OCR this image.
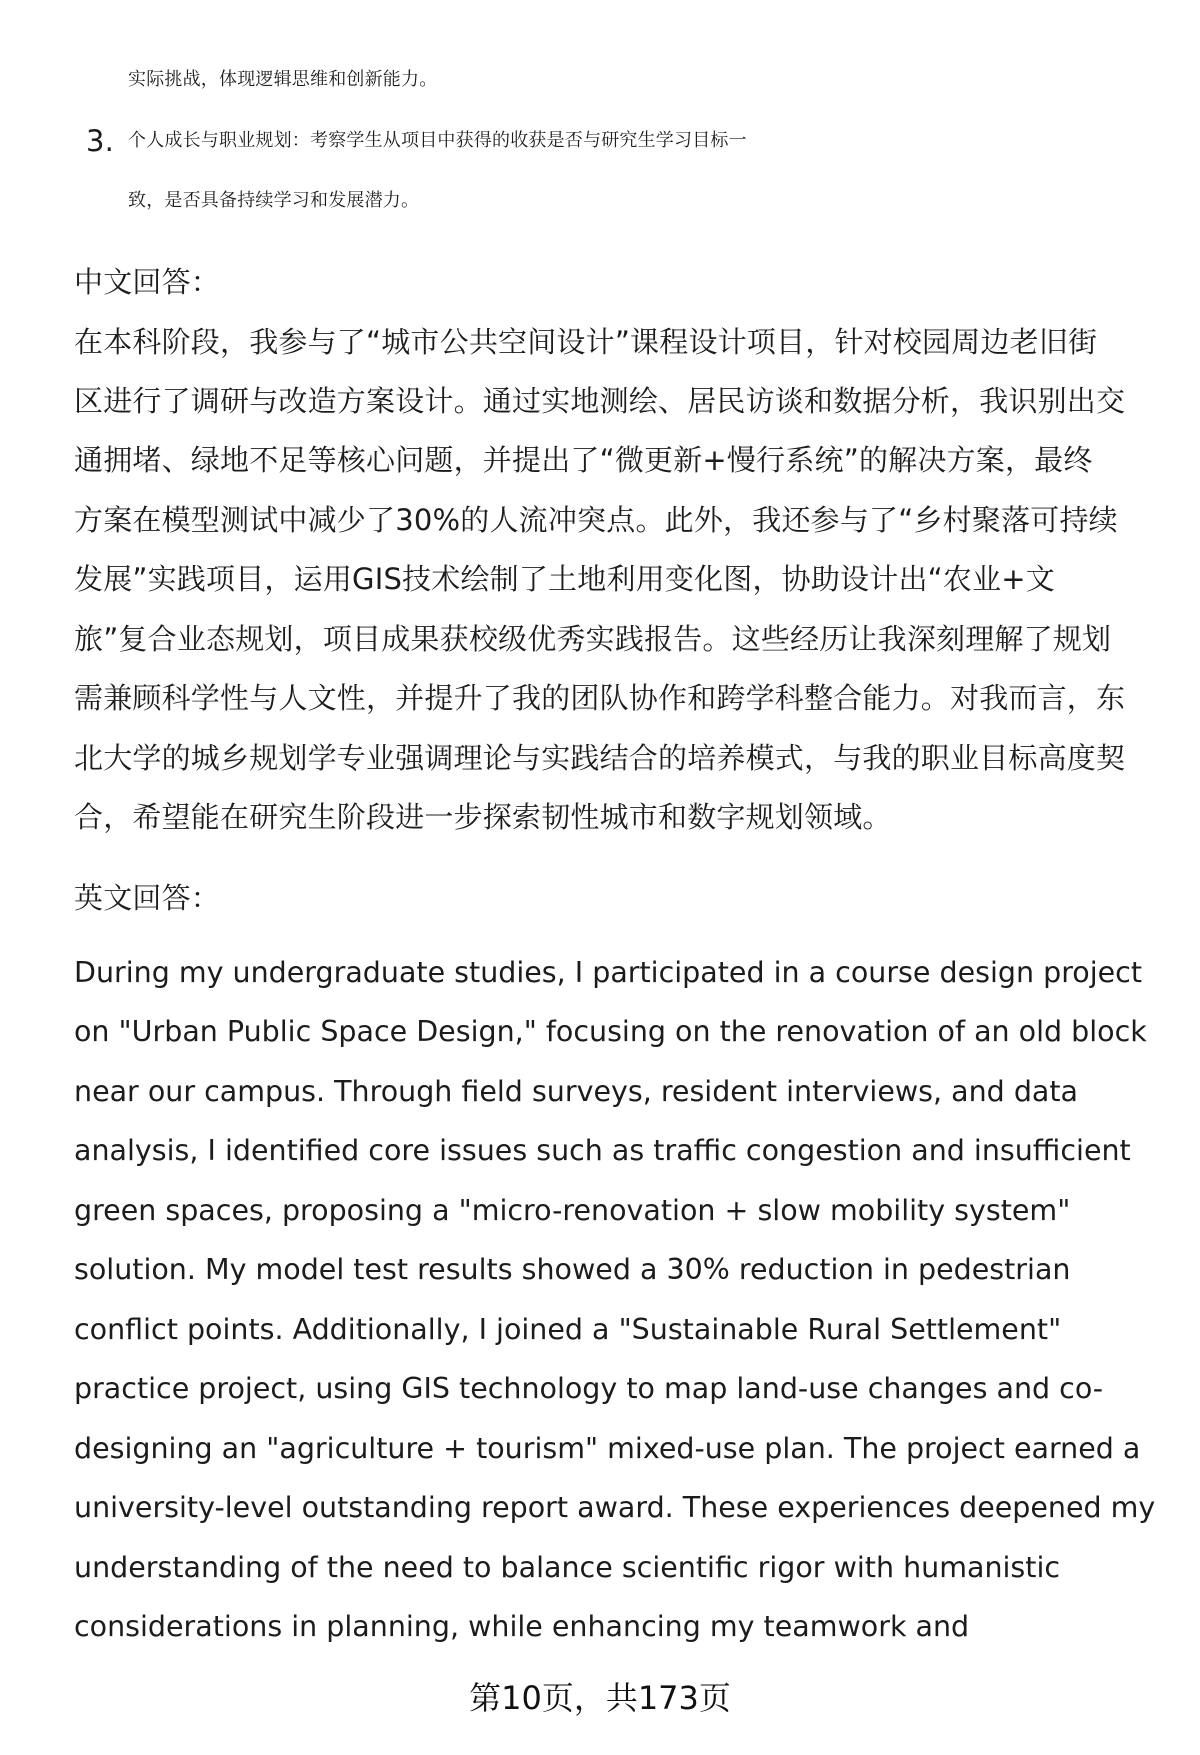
实际挑战，体现逻辑思维和创新能力。
3. 个人成长与职业规划：考察学生从项目中获得的收获是否与研究生学习目标一
致，是否具备持续学习和发展潜力。
中文回答：
在本科阶段，我参与了“城市公共空间设计”课程设计项目，针对校园周边老旧街
区进行了调研与改造方案设计。通过实地测绘、居民访谈和数据分析，我识别出交
通拥堵、绿地不足等核心问题，并提出了“微更新+慢行系统”的解决方案，最终
方案在模型测试中减少了30%的人流冲突点。此外，我还参与了“乡村聚落可持续
发展”实践项目，运用GIS技术绘制了土地利用变化图，协助设计出“农业+文
旅”复合业态规划，项目成果获校级优秀实践报告。这些经历让我深刻理解了规划
需兼顾科学性与人文性，并提升了我的团队协作和跨学科整合能力。对我而言，东
北大学的城乡规划学专业强调理论与实践结合的培养模式，与我的职业目标高度契
合，希望能在研究生阶段进一步探索韧性城市和数字规划领域。
英文回答：
During my undergraduate studies, I participated in a course design project
on "Urban Public Space Design," focusing on the renovation of an old block
near our campus. Through field surveys, resident interviews, and data
analysis, I identified core issues such as traffic congestion and insufficient
green spaces, proposing a "micro-renovation + slow mobility system"
solution. My model test results showed a 30% reduction in pedestrian
conflict points. Additionally, I joined a "Sustainable Rural Settlement"
practice project, using GIS technology to map land-use changes and co-
designing an "agriculture + tourism" mixed-use plan. The project earned a
university-level outstanding report award. These experiences deepened my
understanding of the need to balance scientific rigor with humanistic
considerations in planning, while enhancing my teamwork and
第10页，共173页
